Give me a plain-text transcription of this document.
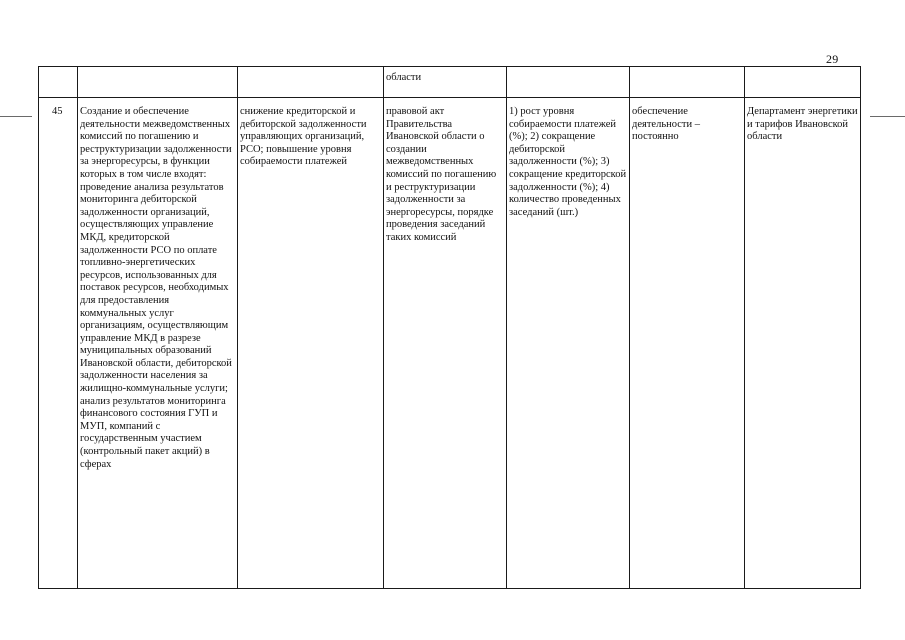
29
			области			
45	Создание и обеспечение деятельности межведомственных комиссий по погашению и реструктуризации задолженности за энергоресурсы, в функции которых в том числе входят: проведение анализа результатов мониторинга дебиторской задолженности организаций, осуществляющих управление МКД, кредиторской задолженности РСО по оплате топливно-энергетических ресурсов, использованных для поставок ресурсов, необходимых для предоставления коммунальных услуг организациям, осуществляющим управление МКД в разрезе муниципальных образований Ивановской области, дебиторской задолженности населения за жилищно-коммунальные услуги; анализ результатов мониторинга финансового состояния ГУП и МУП, компаний с государственным участием (контрольный пакет акций) в сферах	снижение кредиторской и дебиторской задолженности управляющих организаций, РСО; повышение уровня собираемости платежей	правовой акт Правительства Ивановской области о создании межведомственных комиссий по погашению и реструктуризации задолженности за энергоресурсы, порядке проведения заседаний таких комиссий	1) рост уровня собираемости платежей (%); 2) сокращение дебиторской задолженности (%); 3) сокращение кредиторской задолженности (%); 4) количество проведенных заседаний (шт.)	обеспечение деятельности – постоянно	Департамент энергетики и тарифов Ивановской области
